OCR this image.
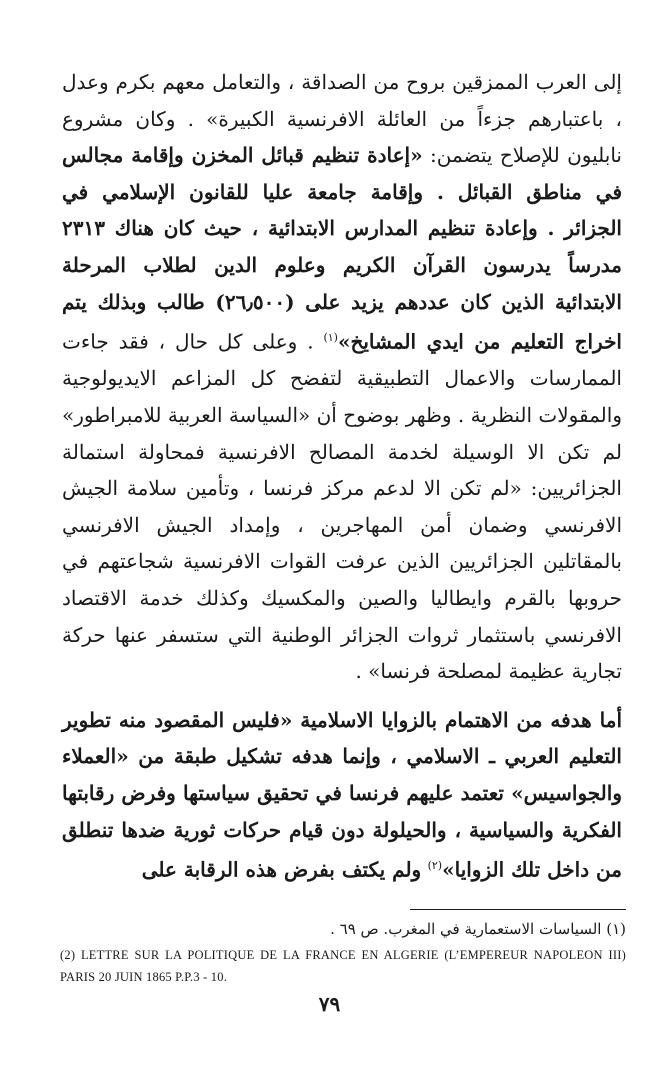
إلى العرب الممزقين بروح من الصداقة ، والتعامل معهم بكرم وعدل ، باعتبارهم جزءاً من العائلة الافرنسية الكبيرة» . وكان مشروع نابليون للإصلاح يتضمن: «إعادة تنظيم قبائل المخزن وإقامة مجالس في مناطق القبائل . وإقامة جامعة عليا للقانون الإسلامي في الجزائر . وإعادة تنظيم المدارس الابتدائية ، حيث كان هناك ٢٣١٣ مدرساً يدرسون القرآن الكريم وعلوم الدين لطلاب المرحلة الابتدائية الذين كان عددهم يزيد على (٢٦٫٥٠٠) طالب وبذلك يتم اخراج التعليم من ايدي المشايخ»$^{(١)}$ . وعلى كل حال ، فقد جاءت الممارسات والاعمال التطبيقية لتفضح كل المزاعم الايديولوجية والمقولات النظرية . وظهر بوضوح أن «السياسة العربية للامبراطور» لم تكن الا الوسيلة لخدمة المصالح الافرنسية فمحاولة استمالة الجزائريين: «لم تكن الا لدعم مركز فرنسا ، وتأمين سلامة الجيش الافرنسي وضمان أمن المهاجرين ، وإمداد الجيش الافرنسي بالمقاتلين الجزائريين الذين عرفت القوات الافرنسية شجاعتهم في حروبها بالقرم وايطاليا والصين والمكسيك وكذلك خدمة الاقتصاد الافرنسي باستثمار ثروات الجزائر الوطنية التي ستسفر عنها حركة تجارية عظيمة لمصلحة فرنسا» .

أما هدفه من الاهتمام بالزوايا الاسلامية «فليس المقصود منه تطوير التعليم العربي ـ الاسلامي ، وإنما هدفه تشكيل طبقة من «العملاء والجواسيس» تعتمد عليهم فرنسا في تحقيق سياستها وفرض رقابتها الفكرية والسياسية ، والحيلولة دون قيام حركات ثورية ضدها تنطلق من داخل تلك الزوايا»$^{(٢)}$ ولم يكتف بفرض هذه الرقابة على

(١) السياسات الاستعمارية في المغرب. ص ٦٩ .
(2) LETTRE SUR LA POLITIQUE DE LA FRANCE EN ALGERIE (L’EMPEREUR NAPOLEON III) PARIS 20 JUIN 1865 P.P.3 - 10.
٧٩
